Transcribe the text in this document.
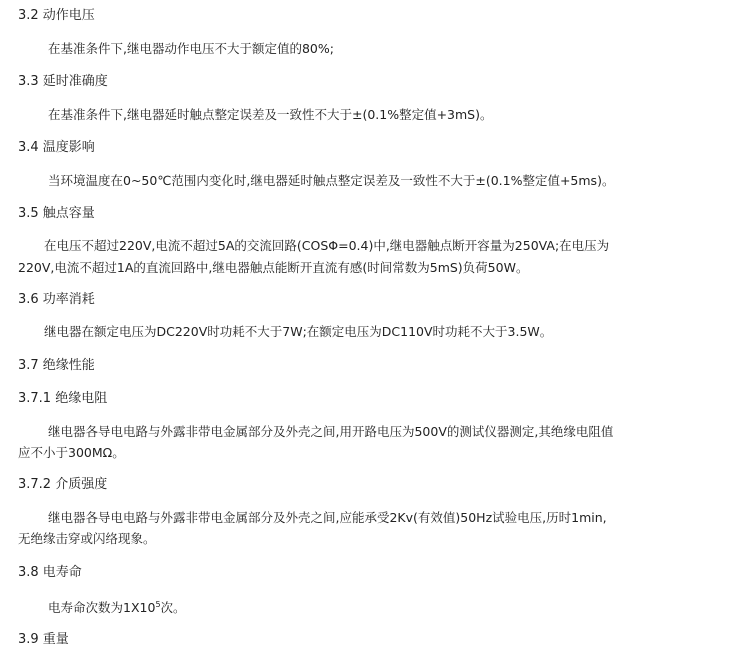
3.2 动作电压

在基准条件下,继电器动作电压不大于额定值的80%;

3.3 延时准确度

在基准条件下,继电器延时触点整定误差及一致性不大于±(0.1%整定值+3mS)。

3.4 温度影响

当环境温度在0~50℃范围内变化时,继电器延时触点整定误差及一致性不大于±(0.1%整定值+5ms)。

3.5 触点容量

在电压不超过220V,电流不超过5A的交流回路(COSΦ=0.4)中,继电器触点断开容量为250VA;在电压为

220V,电流不超过1A的直流回路中,继电器触点能断开直流有感(时间常数为5mS)负荷50W。

3.6 功率消耗

继电器在额定电压为DC220V时功耗不大于7W;在额定电压为DC110V时功耗不大于3.5W。

3.7 绝缘性能

3.7.1 绝缘电阻

继电器各导电电路与外露非带电金属部分及外壳之间,用开路电压为500V的测试仪器测定,其绝缘电阻值

应不小于300MΩ。

3.7.2 介质强度

继电器各导电电路与外露非带电金属部分及外壳之间,应能承受2Kv(有效值)50Hz试验电压,历时1min,

无绝缘击穿或闪络现象。

3.8 电寿命

电寿命次数为$1X10^5$次。

3.9 重量
